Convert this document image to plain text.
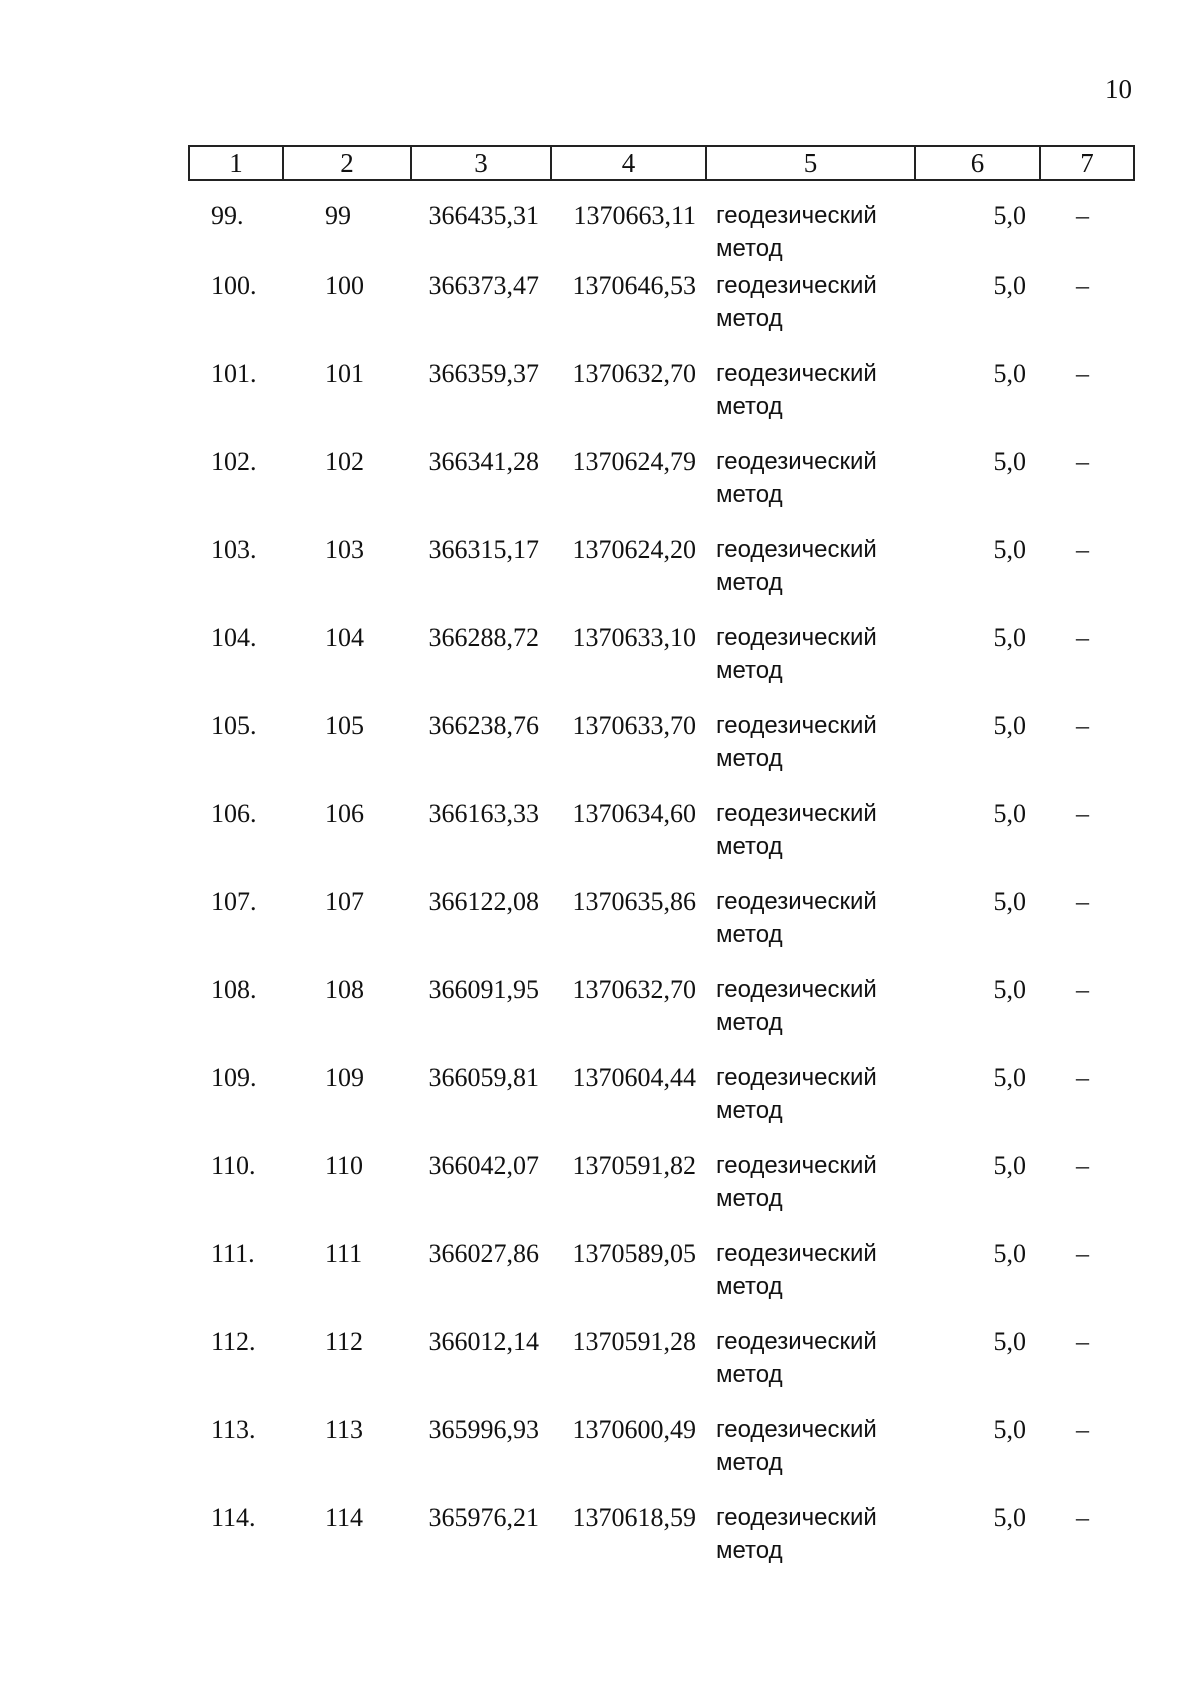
10
1	2	3	4	5	6	7
99.	99	366435,31	1370663,11	геодезический метод	5,0	–
100.	100	366373,47	1370646,53	геодезический метод	5,0	–
101.	101	366359,37	1370632,70	геодезический метод	5,0	–
102.	102	366341,28	1370624,79	геодезический метод	5,0	–
103.	103	366315,17	1370624,20	геодезический метод	5,0	–
104.	104	366288,72	1370633,10	геодезический метод	5,0	–
105.	105	366238,76	1370633,70	геодезический метод	5,0	–
106.	106	366163,33	1370634,60	геодезический метод	5,0	–
107.	107	366122,08	1370635,86	геодезический метод	5,0	–
108.	108	366091,95	1370632,70	геодезический метод	5,0	–
109.	109	366059,81	1370604,44	геодезический метод	5,0	–
110.	110	366042,07	1370591,82	геодезический метод	5,0	–
111.	111	366027,86	1370589,05	геодезический метод	5,0	–
112.	112	366012,14	1370591,28	геодезический метод	5,0	–
113.	113	365996,93	1370600,49	геодезический метод	5,0	–
114.	114	365976,21	1370618,59	геодезический метод	5,0	–
